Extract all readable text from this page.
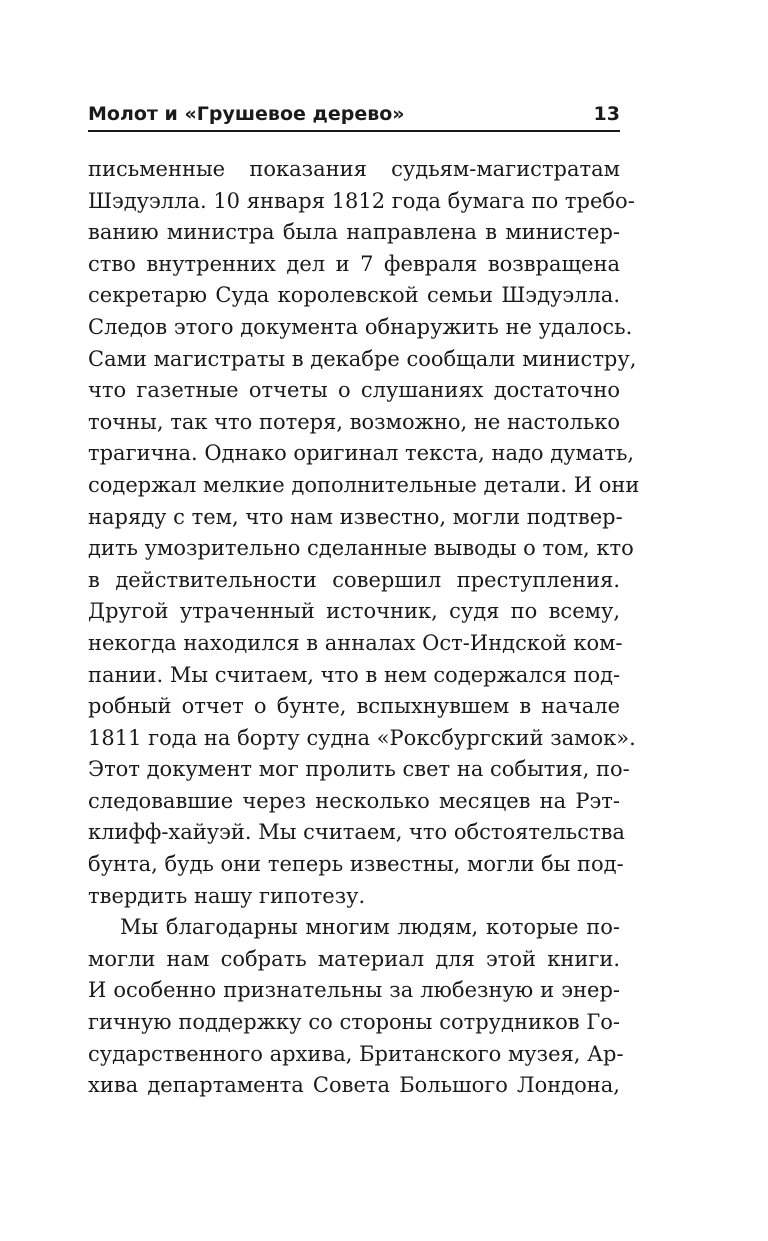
Молот и «Грушевое дерево»	13
письменные показания судьям-магистратам
Шэдуэлла. 10 января 1812 года бумага по требо-
ванию министра была направлена в министер-
ство внутренних дел и 7 февраля возвращена
секретарю Суда королевской семьи Шэдуэлла.
Следов этого документа обнаружить не удалось.
Сами магистраты в декабре сообщали министру,
что газетные отчеты о слушаниях достаточно
точны, так что потеря, возможно, не настолько
трагична. Однако оригинал текста, надо думать,
содержал мелкие дополнительные детали. И они
наряду с тем, что нам известно, могли подтвер-
дить умозрительно сделанные выводы о том, кто
в действительности совершил преступления.
Другой утраченный источник, судя по всему,
некогда находился в анналах Ост-Индской ком-
пании. Мы считаем, что в нем содержался под-
робный отчет о бунте, вспыхнувшем в начале
1811 года на борту судна «Роксбургский замок».
Этот документ мог пролить свет на события, по-
следовавшие через несколько месяцев на Рэт-
клифф-хайуэй. Мы считаем, что обстоятельства
бунта, будь они теперь известны, могли бы под-
твердить нашу гипотезу.
Мы благодарны многим людям, которые по-
могли нам собрать материал для этой книги.
И особенно признательны за любезную и энер-
гичную поддержку со стороны сотрудников Го-
сударственного архива, Британского музея, Ар-
хива департамента Совета Большого Лондона,
